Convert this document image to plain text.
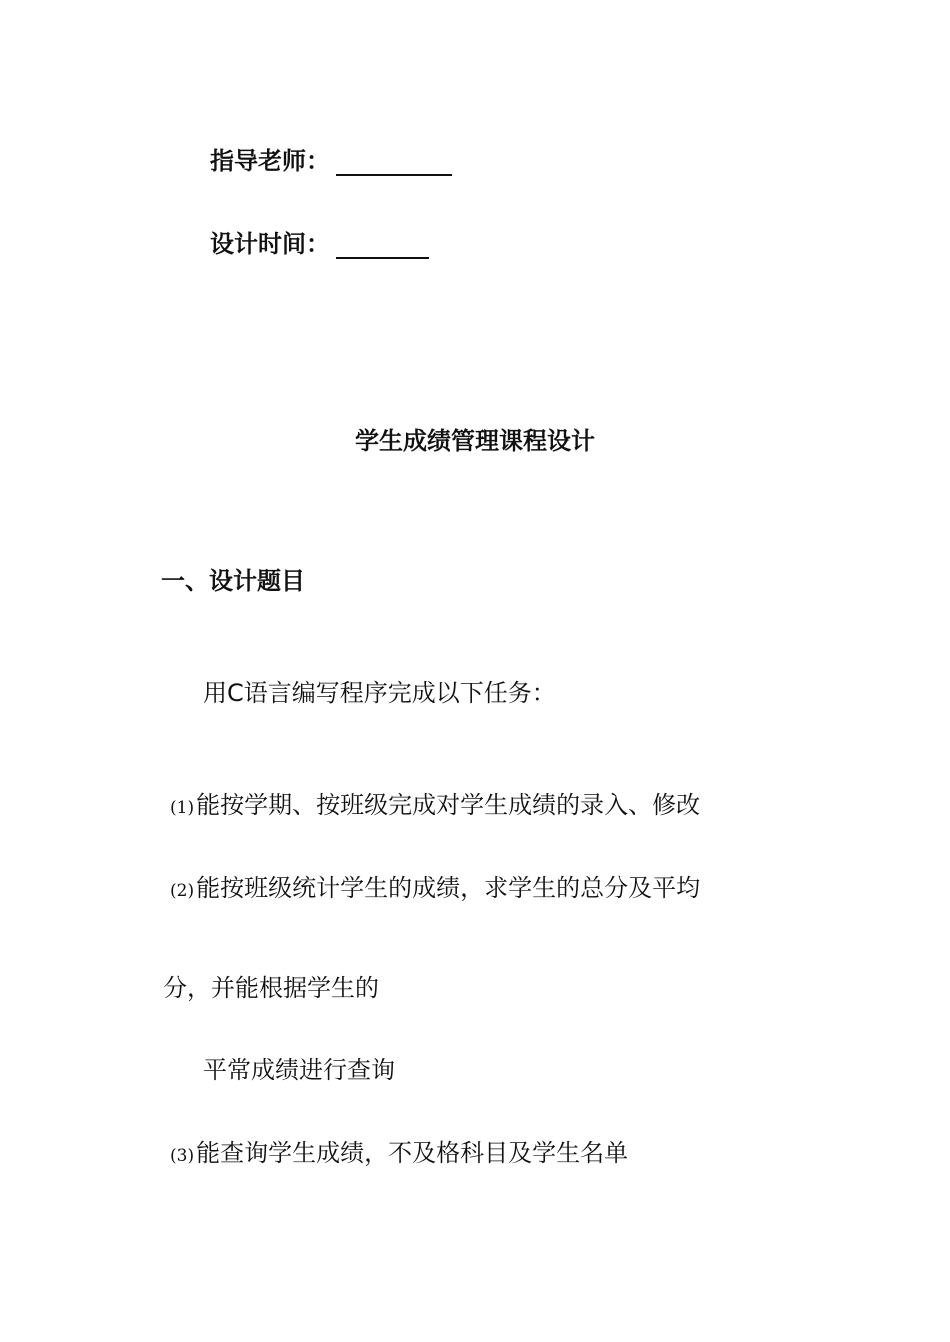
指导老师：
设计时间：
学生成绩管理课程设计
一、设计题目
用C语言编写程序完成以下任务：
(1)能按学期、按班级完成对学生成绩的录入、修改
(2)能按班级统计学生的成绩，求学生的总分及平均
分，并能根据学生的
平常成绩进行查询
(3)能查询学生成绩，不及格科目及学生名单
